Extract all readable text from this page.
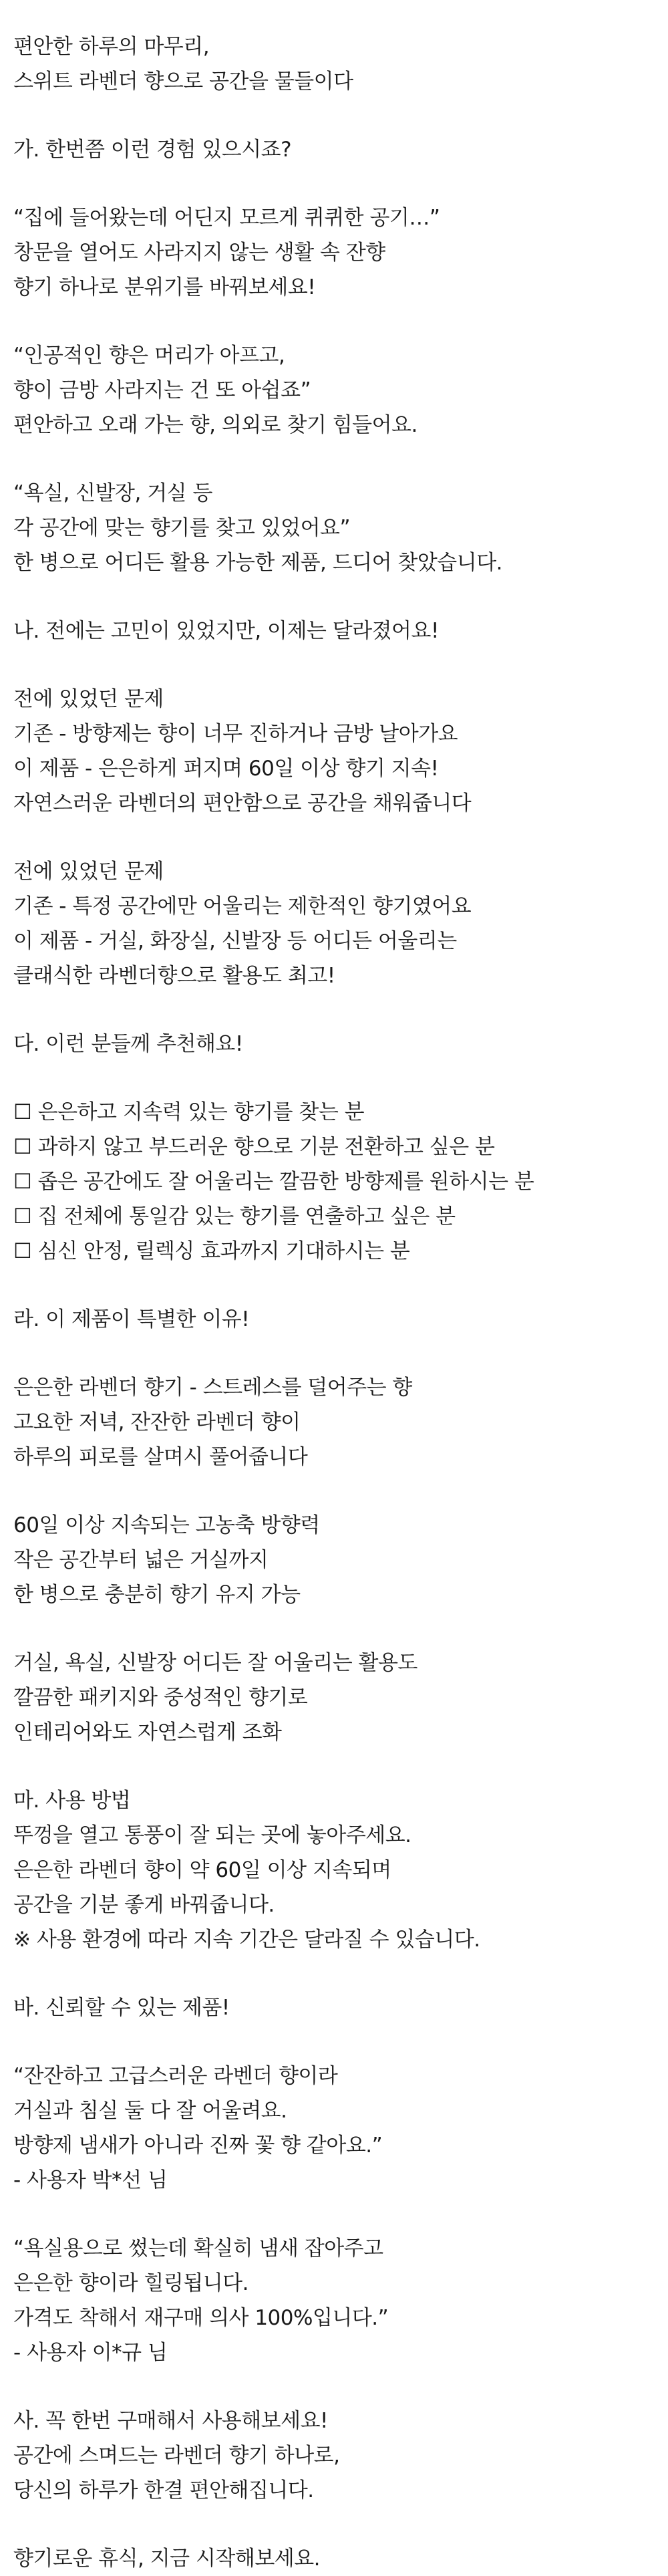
편안한 하루의 마무리,
스위트 라벤더 향으로 공간을 물들이다
가. 한번쯤 이런 경험 있으시죠?
“집에 들어왔는데 어딘지 모르게 퀴퀴한 공기…”
창문을 열어도 사라지지 않는 생활 속 잔향
향기 하나로 분위기를 바꿔보세요!
“인공적인 향은 머리가 아프고,
향이 금방 사라지는 건 또 아쉽죠”
편안하고 오래 가는 향, 의외로 찾기 힘들어요.
“욕실, 신발장, 거실 등
각 공간에 맞는 향기를 찾고 있었어요”
한 병으로 어디든 활용 가능한 제품, 드디어 찾았습니다.
나. 전에는 고민이 있었지만, 이제는 달라졌어요!
전에 있었던 문제
기존 - 방향제는 향이 너무 진하거나 금방 날아가요
이 제품 - 은은하게 퍼지며 60일 이상 향기 지속!
자연스러운 라벤더의 편안함으로 공간을 채워줍니다
전에 있었던 문제
기존 - 특정 공간에만 어울리는 제한적인 향기였어요
이 제품 - 거실, 화장실, 신발장 등 어디든 어울리는
클래식한 라벤더향으로 활용도 최고!
다. 이런 분들께 추천해요!
☐ 은은하고 지속력 있는 향기를 찾는 분
☐ 과하지 않고 부드러운 향으로 기분 전환하고 싶은 분
☐ 좁은 공간에도 잘 어울리는 깔끔한 방향제를 원하시는 분
☐ 집 전체에 통일감 있는 향기를 연출하고 싶은 분
☐ 심신 안정, 릴렉싱 효과까지 기대하시는 분
라. 이 제품이 특별한 이유!
은은한 라벤더 향기 - 스트레스를 덜어주는 향
고요한 저녁, 잔잔한 라벤더 향이
하루의 피로를 살며시 풀어줍니다
60일 이상 지속되는 고농축 방향력
작은 공간부터 넓은 거실까지
한 병으로 충분히 향기 유지 가능
거실, 욕실, 신발장 어디든 잘 어울리는 활용도
깔끔한 패키지와 중성적인 향기로
인테리어와도 자연스럽게 조화
마. 사용 방법
뚜껑을 열고 통풍이 잘 되는 곳에 놓아주세요.
은은한 라벤더 향이 약 60일 이상 지속되며
공간을 기분 좋게 바꿔줍니다.
※ 사용 환경에 따라 지속 기간은 달라질 수 있습니다.
바. 신뢰할 수 있는 제품!
“잔잔하고 고급스러운 라벤더 향이라
거실과 침실 둘 다 잘 어울려요.
방향제 냄새가 아니라 진짜 꽃 향 같아요.”
- 사용자 박*선 님
“욕실용으로 썼는데 확실히 냄새 잡아주고
은은한 향이라 힐링됩니다.
가격도 착해서 재구매 의사 100%입니다.”
- 사용자 이*규 님
사. 꼭 한번 구매해서 사용해보세요!
공간에 스며드는 라벤더 향기 하나로,
당신의 하루가 한결 편안해집니다.
향기로운 휴식, 지금 시작해보세요.
